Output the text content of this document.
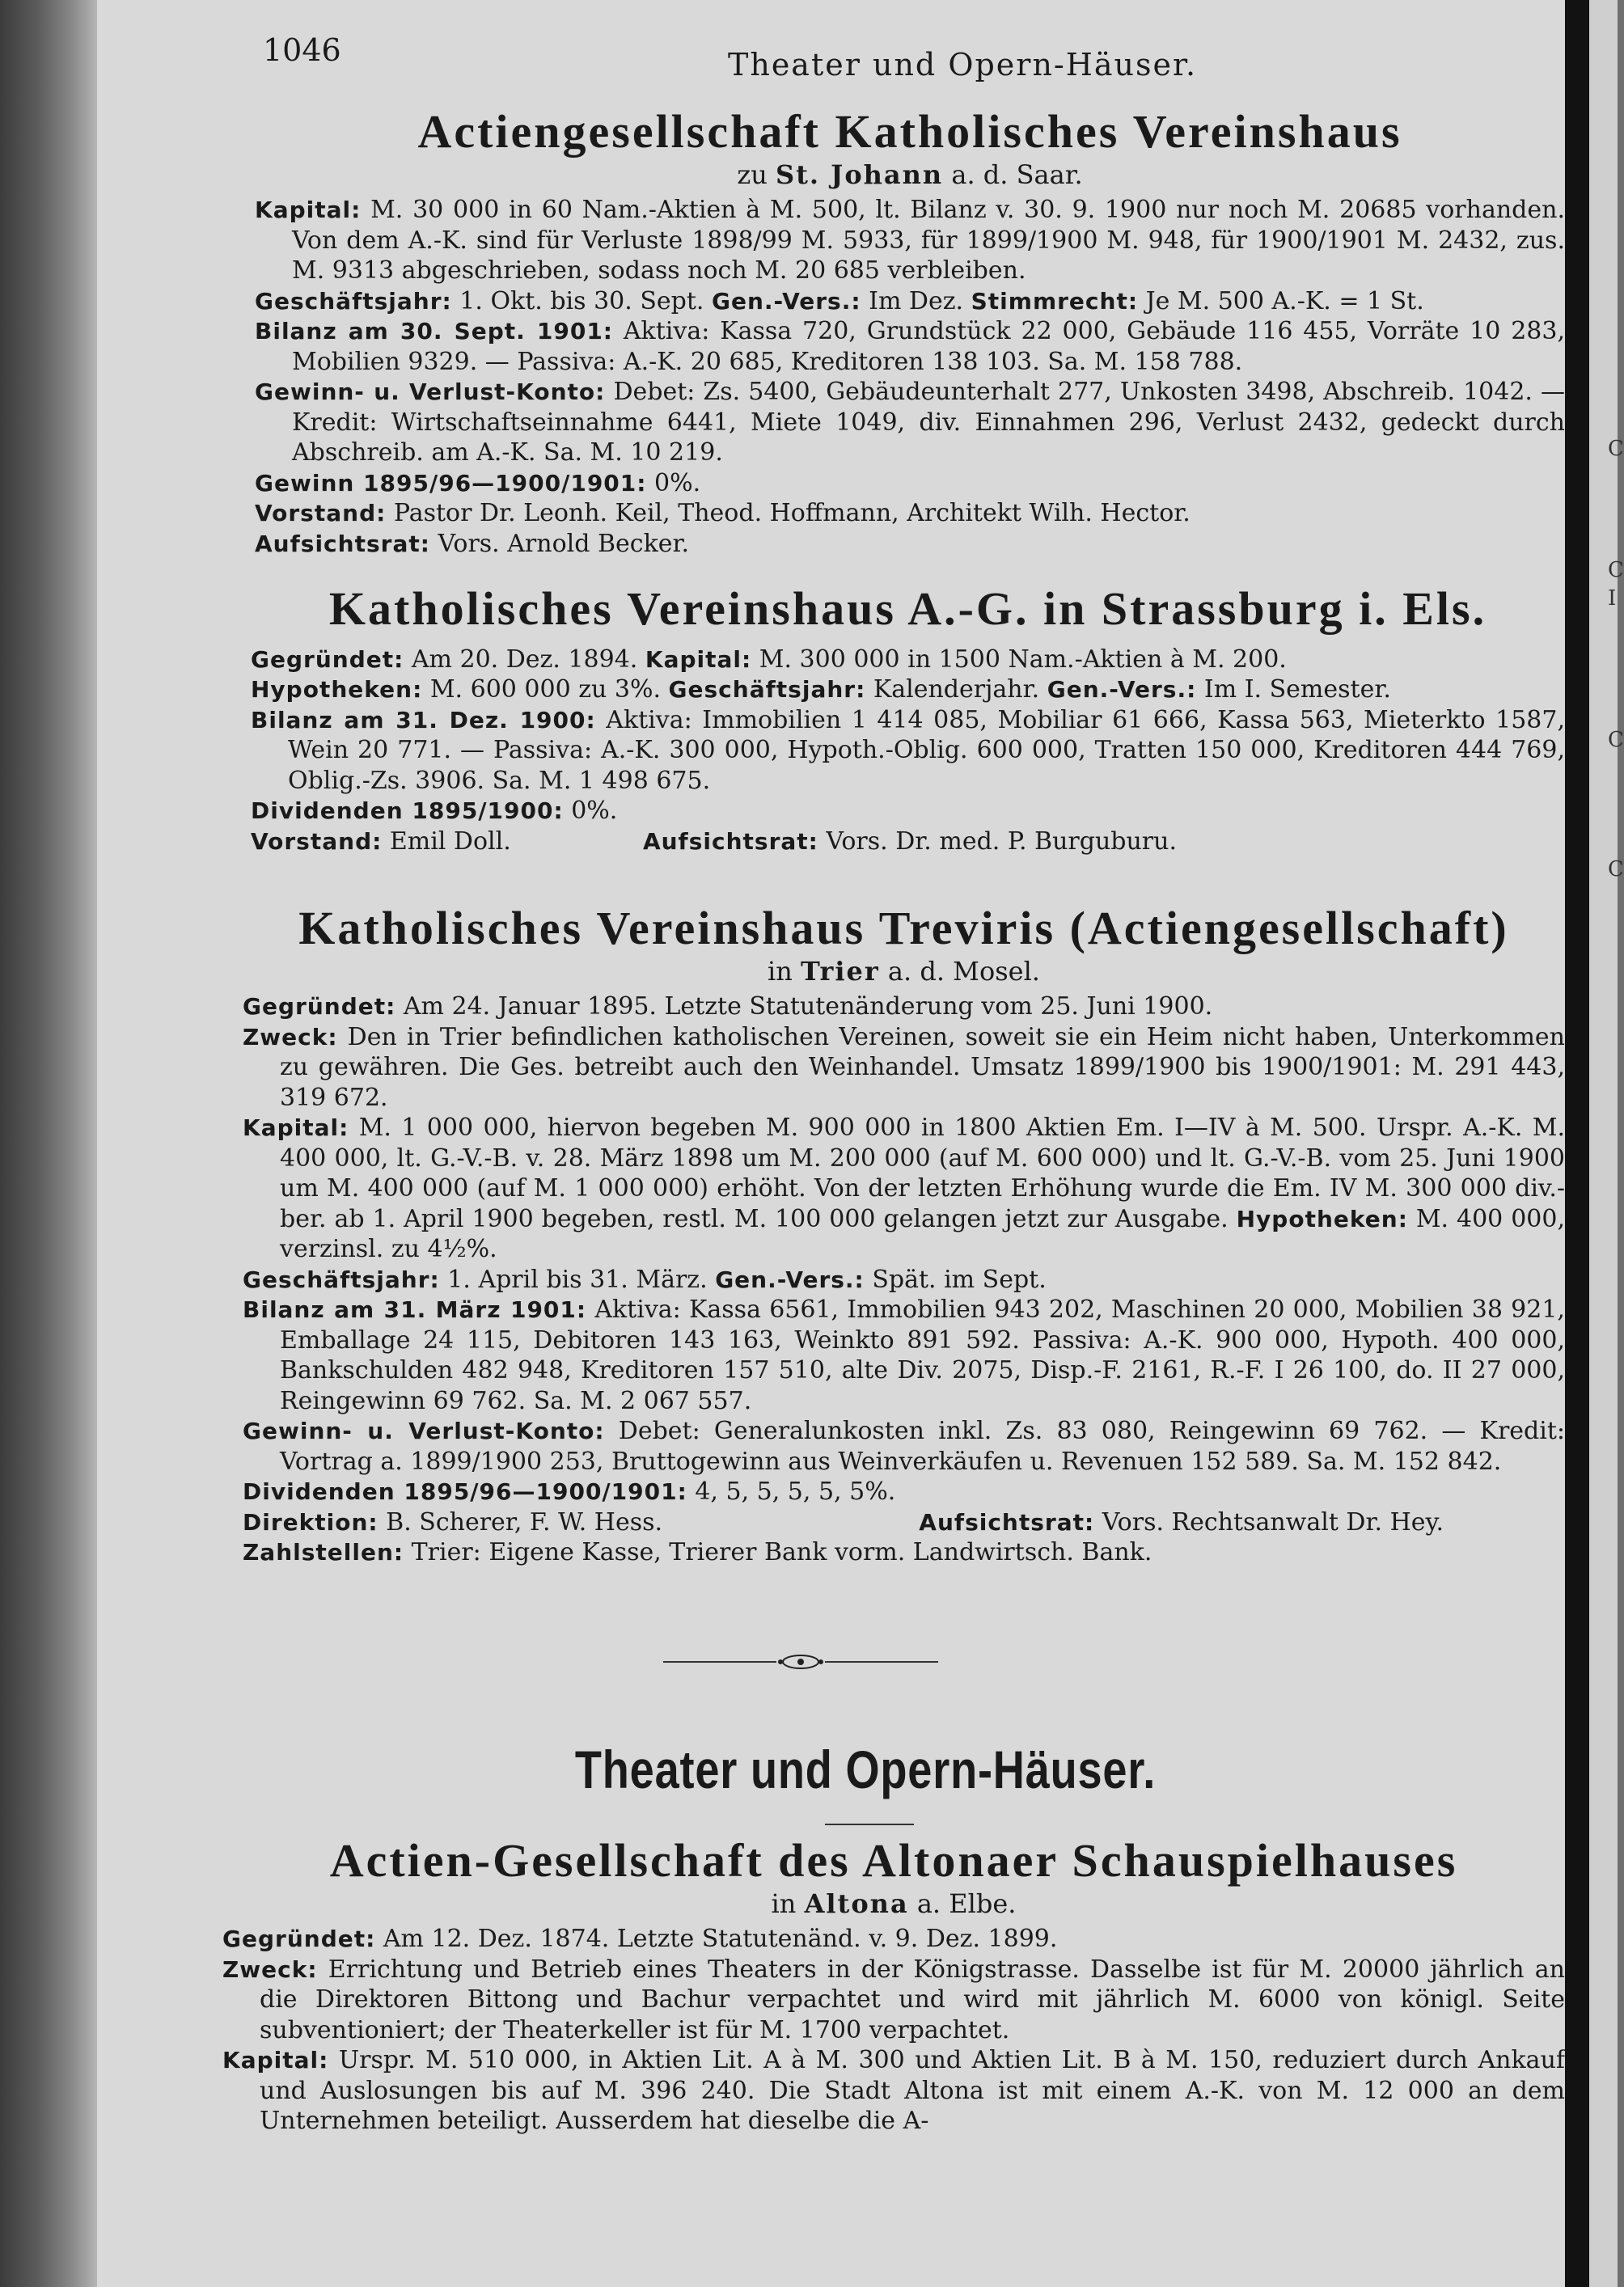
C
C
I
C
C
1046	Theater und Opern-Häuser.
Actiengesellschaft Katholisches Vereinshaus
zu St. Johann a. d. Saar.
Kapital: M. 30 000 in 60 Nam.-Aktien à M. 500, lt. Bilanz v. 30. 9. 1900 nur noch M. 20685 vorhanden. Von dem A.-K. sind für Verluste 1898/99 M. 5933, für 1899/1900 M. 948, für 1900/1901 M. 2432, zus. M. 9313 abgeschrieben, sodass noch M. 20 685 verbleiben.
Geschäftsjahr: 1. Okt. bis 30. Sept. Gen.-Vers.: Im Dez. Stimmrecht: Je M. 500 A.-K. = 1 St.
Bilanz am 30. Sept. 1901: Aktiva: Kassa 720, Grundstück 22 000, Gebäude 116 455, Vorräte 10 283, Mobilien 9329. — Passiva: A.-K. 20 685, Kreditoren 138 103. Sa. M. 158 788.
Gewinn- u. Verlust-Konto: Debet: Zs. 5400, Gebäudeunterhalt 277, Unkosten 3498, Abschreib. 1042. — Kredit: Wirtschaftseinnahme 6441, Miete 1049, div. Einnahmen 296, Verlust 2432, gedeckt durch Abschreib. am A.-K. Sa. M. 10 219.
Gewinn 1895/96—1900/1901: 0%.
Vorstand: Pastor Dr. Leonh. Keil, Theod. Hoffmann, Architekt Wilh. Hector.
Aufsichtsrat: Vors. Arnold Becker.
Katholisches Vereinshaus A.-G. in Strassburg i. Els.
Gegründet: Am 20. Dez. 1894. Kapital: M. 300 000 in 1500 Nam.-Aktien à M. 200.
Hypotheken: M. 600 000 zu 3%. Geschäftsjahr: Kalenderjahr. Gen.-Vers.: Im I. Semester.
Bilanz am 31. Dez. 1900: Aktiva: Immobilien 1 414 085, Mobiliar 61 666, Kassa 563, Mieterkto 1587, Wein 20 771. — Passiva: A.-K. 300 000, Hypoth.-Oblig. 600 000, Tratten 150 000, Kreditoren 444 769, Oblig.-Zs. 3906. Sa. M. 1 498 675.
Dividenden 1895/1900: 0%.
Vorstand: Emil Doll.	Aufsichtsrat: Vors. Dr. med. P. Burguburu.
Katholisches Vereinshaus Treviris (Actiengesellschaft)
in Trier a. d. Mosel.
Gegründet: Am 24. Januar 1895. Letzte Statutenänderung vom 25. Juni 1900.
Zweck: Den in Trier befindlichen katholischen Vereinen, soweit sie ein Heim nicht haben, Unterkommen zu gewähren. Die Ges. betreibt auch den Weinhandel. Umsatz 1899/1900 bis 1900/1901: M. 291 443, 319 672.
Kapital: M. 1 000 000, hiervon begeben M. 900 000 in 1800 Aktien Em. I—IV à M. 500. Urspr. A.-K. M. 400 000, lt. G.-V.-B. v. 28. März 1898 um M. 200 000 (auf M. 600 000) und lt. G.-V.-B. vom 25. Juni 1900 um M. 400 000 (auf M. 1 000 000) erhöht. Von der letzten Erhöhung wurde die Em. IV M. 300 000 div.-ber. ab 1. April 1900 begeben, restl. M. 100 000 gelangen jetzt zur Ausgabe. Hypotheken: M. 400 000, verzinsl. zu 4½%.
Geschäftsjahr: 1. April bis 31. März. Gen.-Vers.: Spät. im Sept.
Bilanz am 31. März 1901: Aktiva: Kassa 6561, Immobilien 943 202, Maschinen 20 000, Mobilien 38 921, Emballage 24 115, Debitoren 143 163, Weinkto 891 592. Passiva: A.-K. 900 000, Hypoth. 400 000, Bankschulden 482 948, Kreditoren 157 510, alte Div. 2075, Disp.-F. 2161, R.-F. I 26 100, do. II 27 000, Reingewinn 69 762. Sa. M. 2 067 557.
Gewinn- u. Verlust-Konto: Debet: Generalunkosten inkl. Zs. 83 080, Reingewinn 69 762. — Kredit: Vortrag a. 1899/1900 253, Bruttogewinn aus Weinverkäufen u. Revenuen 152 589. Sa. M. 152 842.
Dividenden 1895/96—1900/1901: 4, 5, 5, 5, 5, 5%.
Direktion: B. Scherer, F. W. Hess.	Aufsichtsrat: Vors. Rechtsanwalt Dr. Hey.
Zahlstellen: Trier: Eigene Kasse, Trierer Bank vorm. Landwirtsch. Bank.
Theater und Opern-Häuser.
Actien-Gesellschaft des Altonaer Schauspielhauses
in Altona a. Elbe.
Gegründet: Am 12. Dez. 1874. Letzte Statutenänd. v. 9. Dez. 1899.
Zweck: Errichtung und Betrieb eines Theaters in der Königstrasse. Dasselbe ist für M. 20000 jährlich an die Direktoren Bittong und Bachur verpachtet und wird mit jährlich M. 6000 von königl. Seite subventioniert; der Theaterkeller ist für M. 1700 verpachtet.
Kapital: Urspr. M. 510 000, in Aktien Lit. A à M. 300 und Aktien Lit. B à M. 150, reduziert durch Ankauf und Auslosungen bis auf M. 396 240. Die Stadt Altona ist mit einem A.-K. von M. 12 000 an dem Unternehmen beteiligt. Ausserdem hat dieselbe die A-
